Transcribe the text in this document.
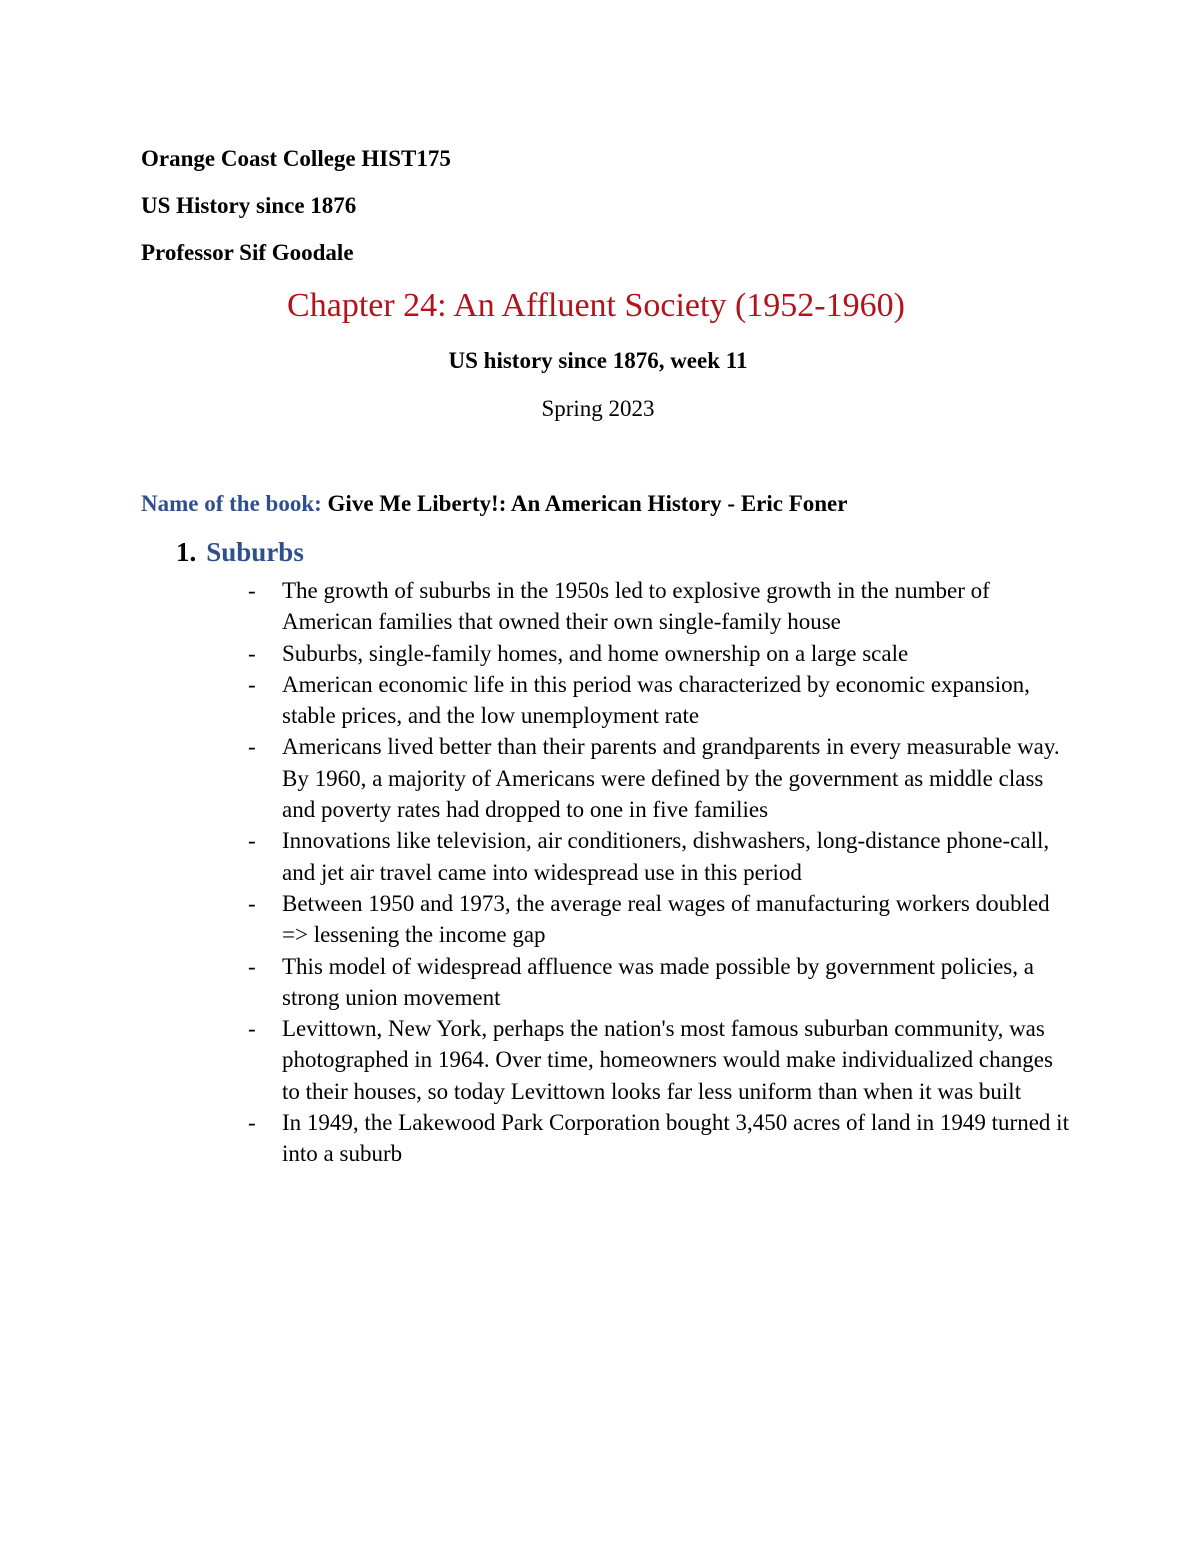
Orange Coast College HIST175
US History since 1876
Professor Sif Goodale
Chapter 24: An Affluent Society (1952-1960)
US history since 1876, week 11
Spring 2023
Name of the book: Give Me Liberty!: An American History - Eric Foner
1. Suburbs
-	The growth of suburbs in the 1950s led to explosive growth in the number of American families that owned their own single-family house
-	Suburbs, single-family homes, and home ownership on a large scale
-	American economic life in this period was characterized by economic expansion, stable prices, and the low unemployment rate
-	Americans lived better than their parents and grandparents in every measurable way. By 1960, a majority of Americans were defined by the government as middle class and poverty rates had dropped to one in five families
-	Innovations like television, air conditioners, dishwashers, long-distance phone-call, and jet air travel came into widespread use in this period
-	Between 1950 and 1973, the average real wages of manufacturing workers doubled => lessening the income gap
-	This model of widespread affluence was made possible by government policies, a strong union movement
-	Levittown, New York, perhaps the nation's most famous suburban community, was photographed in 1964. Over time, homeowners would make individualized changes to their houses, so today Levittown looks far less uniform than when it was built
-	In 1949, the Lakewood Park Corporation bought 3,450 acres of land in 1949 turned it into a suburb
